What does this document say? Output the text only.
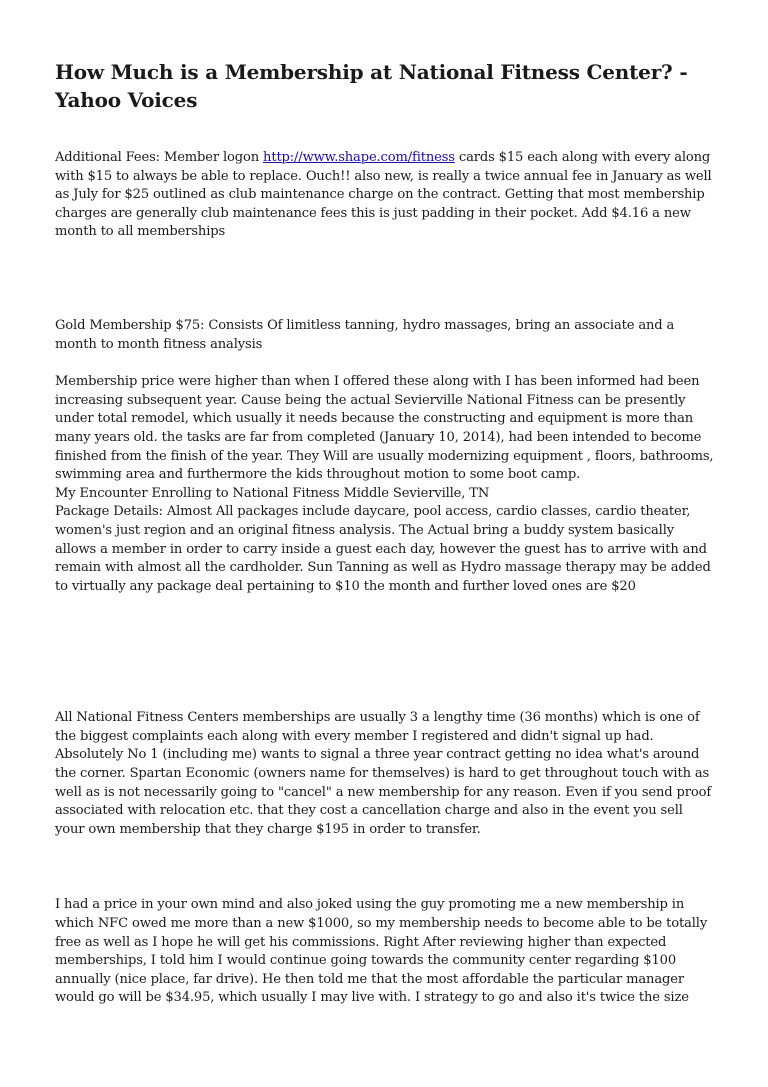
How Much is a Membership at National Fitness Center? - Yahoo Voices

Additional Fees: Member logon http://www.shape.com/fitness cards $15 each along with every along with $15 to always be able to replace. Ouch!! also new, is really a twice annual fee in January as well as July for $25 outlined as club maintenance charge on the contract. Getting that most membership charges are generally club maintenance fees this is just padding in their pocket. Add $4.16 a new month to all memberships

Gold Membership $75: Consists Of limitless tanning, hydro massages, bring an associate and a month to month fitness analysis

Membership price were higher than when I offered these along with I has been informed had been increasing subsequent year. Cause being the actual Sevierville National Fitness can be presently under total remodel, which usually it needs because the constructing and equipment is more than many years old. the tasks are far from completed (January 10, 2014), had been intended to become finished from the finish of the year. They Will are usually modernizing equipment , floors, bathrooms, swimming area and furthermore the kids throughout motion to some boot camp.

My Encounter Enrolling to National Fitness Middle Sevierville, TN

Package Details: Almost All packages include daycare, pool access, cardio classes, cardio theater, women's just region and an original fitness analysis. The Actual bring a buddy system basically allows a member in order to carry inside a guest each day, however the guest has to arrive with and remain with almost all the cardholder. Sun Tanning as well as Hydro massage therapy may be added to virtually any package deal pertaining to $10 the month and further loved ones are $20

All National Fitness Centers memberships are usually 3 a lengthy time (36 months) which is one of the biggest complaints each along with every member I registered and didn't signal up had. Absolutely No 1 (including me) wants to signal a three year contract getting no idea what's around the corner. Spartan Economic (owners name for themselves) is hard to get throughout touch with as well as is not necessarily going to "cancel" a new membership for any reason. Even if you send proof associated with relocation etc. that they cost a cancellation charge and also in the event you sell your own membership that they charge $195 in order to transfer.

I had a price in your own mind and also joked using the guy promoting me a new membership in which NFC owed me more than a new $1000, so my membership needs to become able to be totally free as well as I hope he will get his commissions. Right After reviewing higher than expected memberships, I told him I would continue going towards the community center regarding $100 annually (nice place, far drive). He then told me that the most affordable the particular manager would go will be $34.95, which usually I may live with. I strategy to go and also it's twice the size
